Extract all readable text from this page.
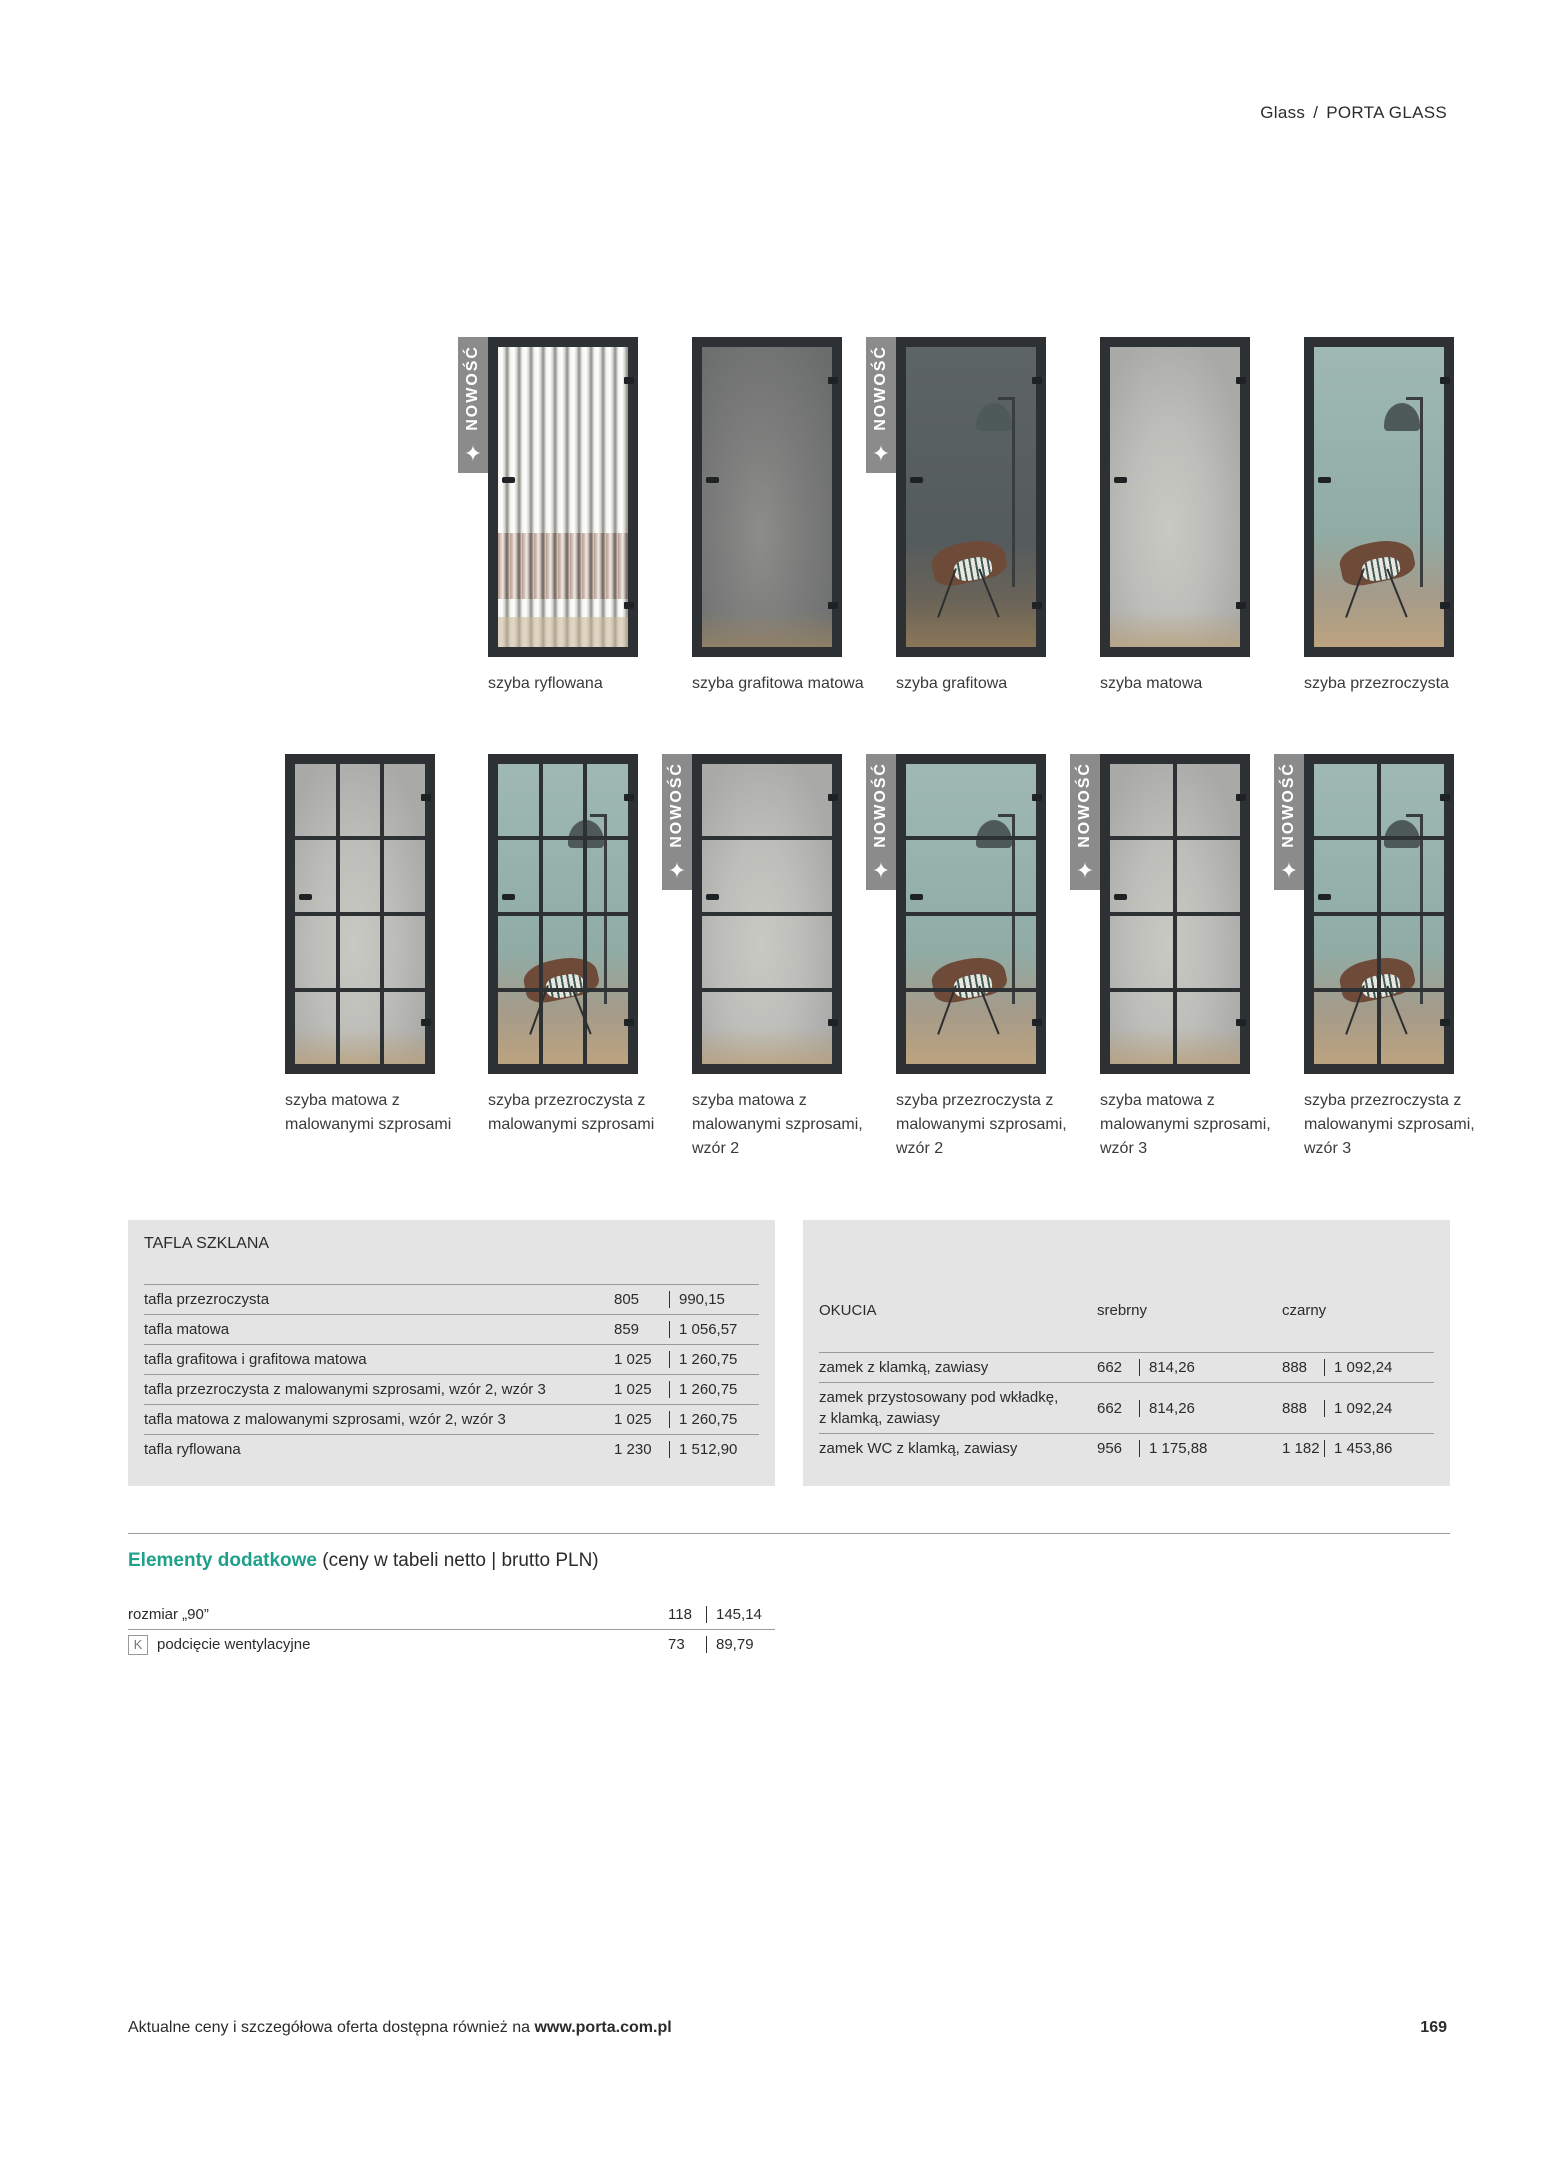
Glass / PORTA GLASS
NOWOŚĆ
✦
szyba ryflowana	szyba grafitowa matowa
NOWOŚĆ
✦
szyba grafitowa	szyba matowa	szyba przezroczysta
szyba matowa z malowanymi szprosami
szyba przezroczysta z malowanymi szprosami
NOWOŚĆ
✦
szyba matowa z malowanymi szprosami, wzór 2
NOWOŚĆ
✦
szyba przezroczysta z malowanymi szprosami, wzór 2
NOWOŚĆ
✦
szyba matowa z malowanymi szprosami, wzór 3
NOWOŚĆ
✦
szyba przezroczysta z malowanymi szprosami, wzór 3
TAFLA SZKLANA
tafla przezroczysta	805	990,15
tafla matowa	859	1 056,57
tafla grafitowa i grafitowa matowa	1 025	1 260,75
tafla przezroczysta z malowanymi szprosami, wzór 2, wzór 3	1 025	1 260,75
tafla matowa z malowanymi szprosami, wzór 2, wzór 3	1 025	1 260,75
tafla ryflowana	1 230	1 512,90
OKUCIA	srebrny		czarny	

zamek z klamką, zawiasy	662	814,26	888	1 092,24
zamek przystosowany pod wkładkę, z klamką, zawiasy	662	814,26	888	1 092,24
zamek WC z klamką, zawiasy	956	1 175,88	1 182	1 453,86
Elementy dodatkowe (ceny w tabeli netto | brutto PLN)
rozmiar „90”	118	145,14
K podcięcie wentylacyjne	73	89,79
Aktualne ceny i szczegółowa oferta dostępna również na www.porta.com.pl	169
